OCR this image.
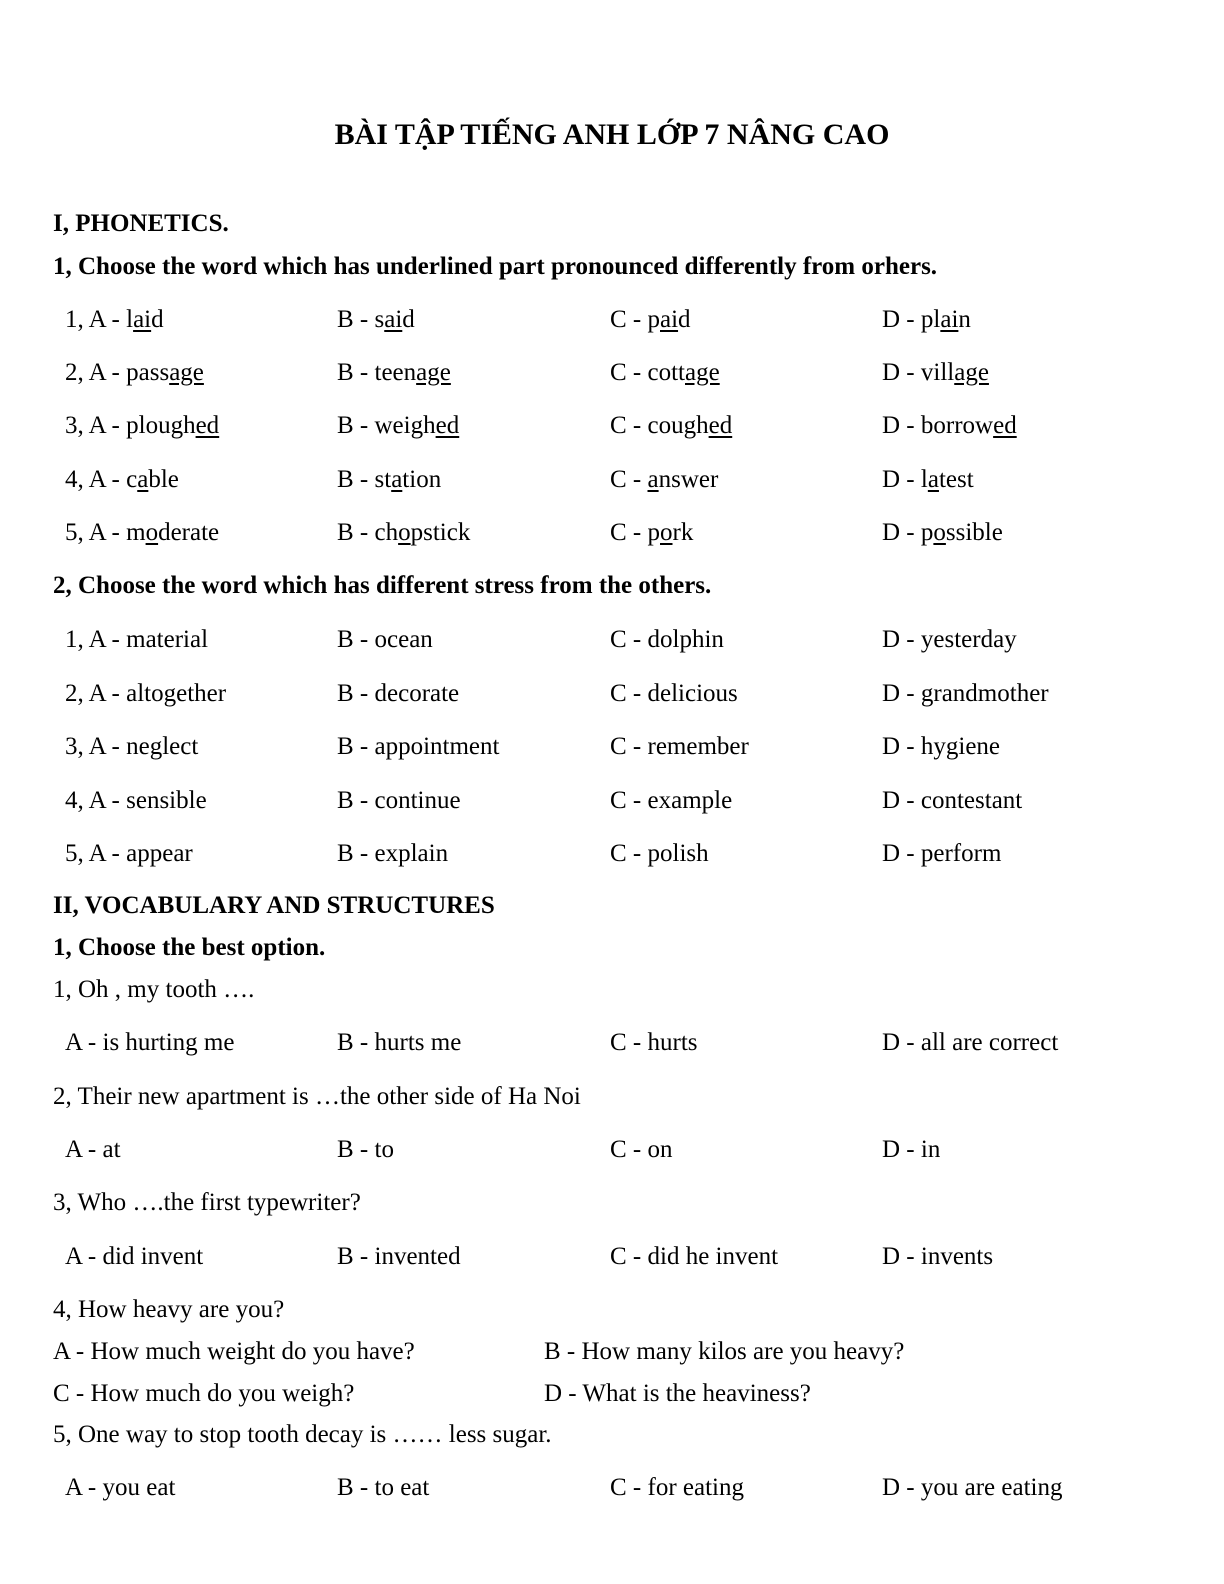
BÀI TẬP TIẾNG ANH LỚP 7 NÂNG CAO
I, PHONETICS.
1, Choose the word which has underlined part pronounced differently from orhers.
1, A - laid	B - said	C - paid	D - plain
2, A - passage	B - teenage	C - cottage	D - village
3, A - ploughed	B - weighed	C - coughed	D - borrowed
4, A - cable	B - station	C - answer	D - latest
5, A - moderate	B - chopstick	C - pork	D - possible
2, Choose the word which has different stress from the others.
1, A - material	B - ocean	C - dolphin	D - yesterday
2, A - altogether	B - decorate	C - delicious	D - grandmother
3, A - neglect	B - appointment	C - remember	D - hygiene
4, A - sensible	B - continue	C - example	D - contestant
5, A - appear	B - explain	C - polish	D - perform
II, VOCABULARY AND STRUCTURES
1, Choose the best option.
1, Oh , my tooth ….
A - is hurting me	B - hurts me	C - hurts	D - all are correct
2, Their new apartment is …the other side of Ha Noi
A - at	B - to	C - on	D - in
3, Who ….the first typewriter?
A - did invent	B - invented	C - did he invent	D - invents
4, How heavy are you?
A - How much weight do you have?	B - How many kilos are you heavy?
C - How much do you weigh?	D - What is the heaviness?
5, One way to stop tooth decay is …… less sugar.
A - you eat	B - to eat	C - for eating	D - you are eating
